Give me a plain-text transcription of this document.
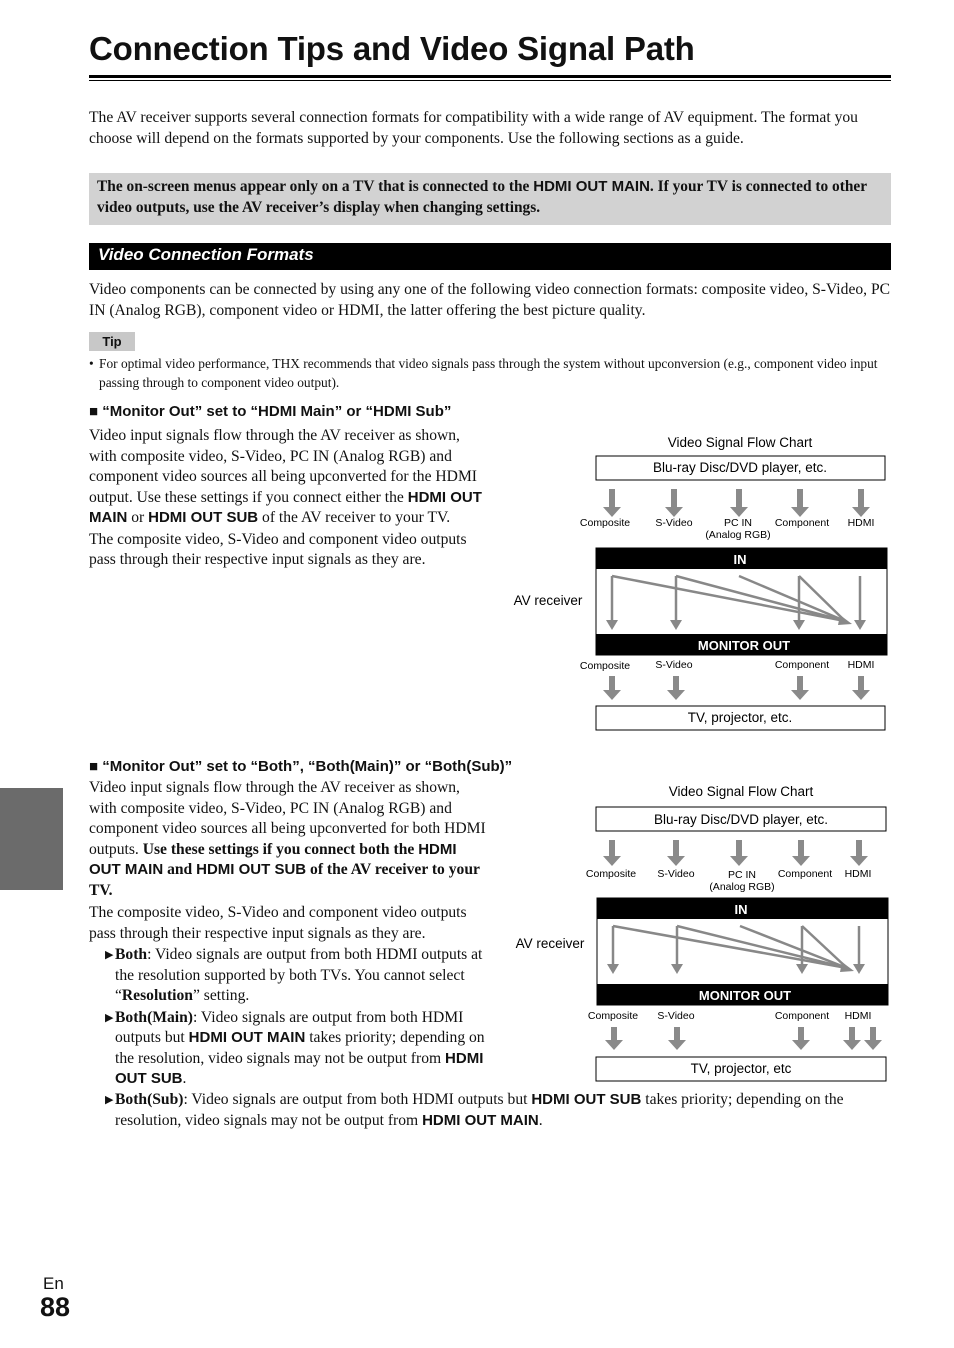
Connection Tips and Video Signal Path

The AV receiver supports several connection formats for compatibility with a wide range of AV equipment. The format you choose will depend on the formats supported by your components. Use the following sections as a guide.

The on-screen menus appear only on a TV that is connected to the HDMI OUT MAIN. If your TV is connected to other video outputs, use the AV receiver’s display when changing settings.

Video Connection Formats

Video components can be connected by using any one of the following video connection formats: composite video, S-Video, PC IN (Analog RGB), component video or HDMI, the latter offering the best picture quality.

Tip
• For optimal video performance, THX recommends that video signals pass through the system without upconversion (e.g., component video input passing through to component video output).
■ “Monitor Out” set to “HDMI Main” or “HDMI Sub”
Video input signals flow through the AV receiver as shown, with composite video, S-Video, PC IN (Analog RGB) and component video sources all being upconverted for the HDMI output. Use these settings if you connect either the HDMI OUT MAIN or HDMI OUT SUB of the AV receiver to your TV.
The composite video, S-Video and component video outputs pass through their respective input signals as they are.
Video Signal Flow Chart
Blu-ray Disc/DVD player, etc.
Composite S-Video	PC IN
(Analog RGB)
Component HDMI
IN
MONITOR OUT
AV receiver
Composite S-Video	Component HDMI
TV, projector, etc.
■ “Monitor Out” set to “Both”, “Both(Main)” or “Both(Sub)”
Video input signals flow through the AV receiver as shown, with composite video, S-Video, PC IN (Analog RGB) and component video sources all being upconverted for both HDMI outputs. Use these settings if you connect both the HDMI OUT MAIN and HDMI OUT SUB of the AV receiver to your TV.
The composite video, S-Video and component video outputs pass through their respective input signals as they are.
▶ Both: Video signals are output from both HDMI outputs at the resolution supported by both TVs. You cannot select “Resolution” setting.
▶ Both(Main): Video signals are output from both HDMI outputs but HDMI OUT MAIN takes priority; depending on the resolution, video signals may not be output from HDMI OUT SUB.
▶ Both(Sub): Video signals are output from both HDMI outputs but HDMI OUT SUB takes priority; depending on the resolution, video signals may not be output from HDMI OUT MAIN.
Video Signal Flow Chart
Blu-ray Disc/DVD player, etc.
Composite S-Video	PC IN
(Analog RGB)
Component HDMI
IN
MONITOR OUT
AV receiver
Composite S-Video	Component HDMI
TV, projector, etc
En
88
